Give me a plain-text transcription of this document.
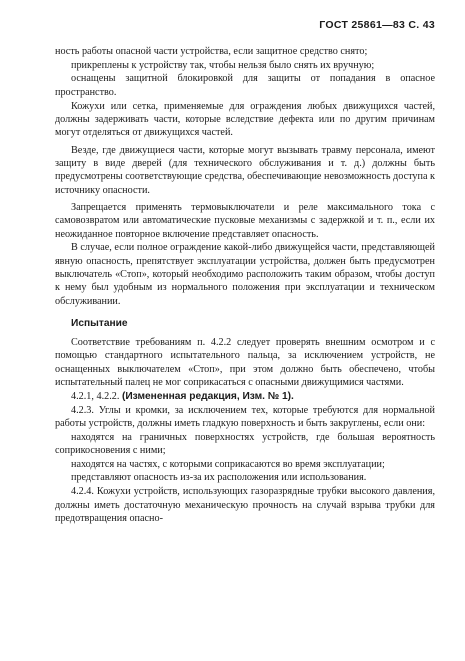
ГОСТ 25861—83 С. 43

ность работы опасной части устройства, если защитное средство снято;

прикреплены к устройству так, чтобы нельзя было снять их вручную;

оснащены защитной блокировкой для защиты от попадания в опасное пространство.

Кожухи или сетка, применяемые для ограждения любых движущихся частей, должны задерживать части, которые вследствие дефекта или по другим причинам могут отделяться от движущихся частей.

Везде, где движущиеся части, которые могут вызывать травму персонала, имеют защиту в виде дверей (для технического обслуживания и т. д.) должны быть предусмотрены соответствующие средства, обеспечивающие невозможность доступа к источнику опасности.

Запрещается применять термовыключатели и реле максимального тока с самовозвратом или автоматические пусковые механизмы с задержкой и т. п., если их неожиданное повторное включение представляет опасность.

В случае, если полное ограждение какой-либо движущейся части, представляющей явную опасность, препятствует эксплуатации устройства, должен быть предусмотрен выключатель «Стоп», который необходимо расположить таким образом, чтобы доступ к нему был удобным из нормального положения при эксплуатации и техническом обслуживании.

Испытание

Соответствие требованиям п. 4.2.2 следует проверять внешним осмотром и с помощью стандартного испытательного пальца, за исключением устройств, не оснащенных выключателем «Стоп», при этом должно быть обеспечено, чтобы испытательный палец не мог соприкасаться с опасными движущимися частями.

4.2.1, 4.2.2. (Измененная редакция, Изм. № 1).

4.2.3. Углы и кромки, за исключением тех, которые требуются для нормальной работы устройств, должны иметь гладкую поверхность и быть закруглены, если они:

находятся на граничных поверхностях устройств, где большая вероятность соприкосновения с ними;

находятся на частях, с которыми соприкасаются во время эксплуатации;

представляют опасность из-за их расположения или использования.

4.2.4. Кожухи устройств, использующих газоразрядные трубки высокого давления, должны иметь достаточную механическую прочность на случай взрыва трубки для предотвращения опасно-
